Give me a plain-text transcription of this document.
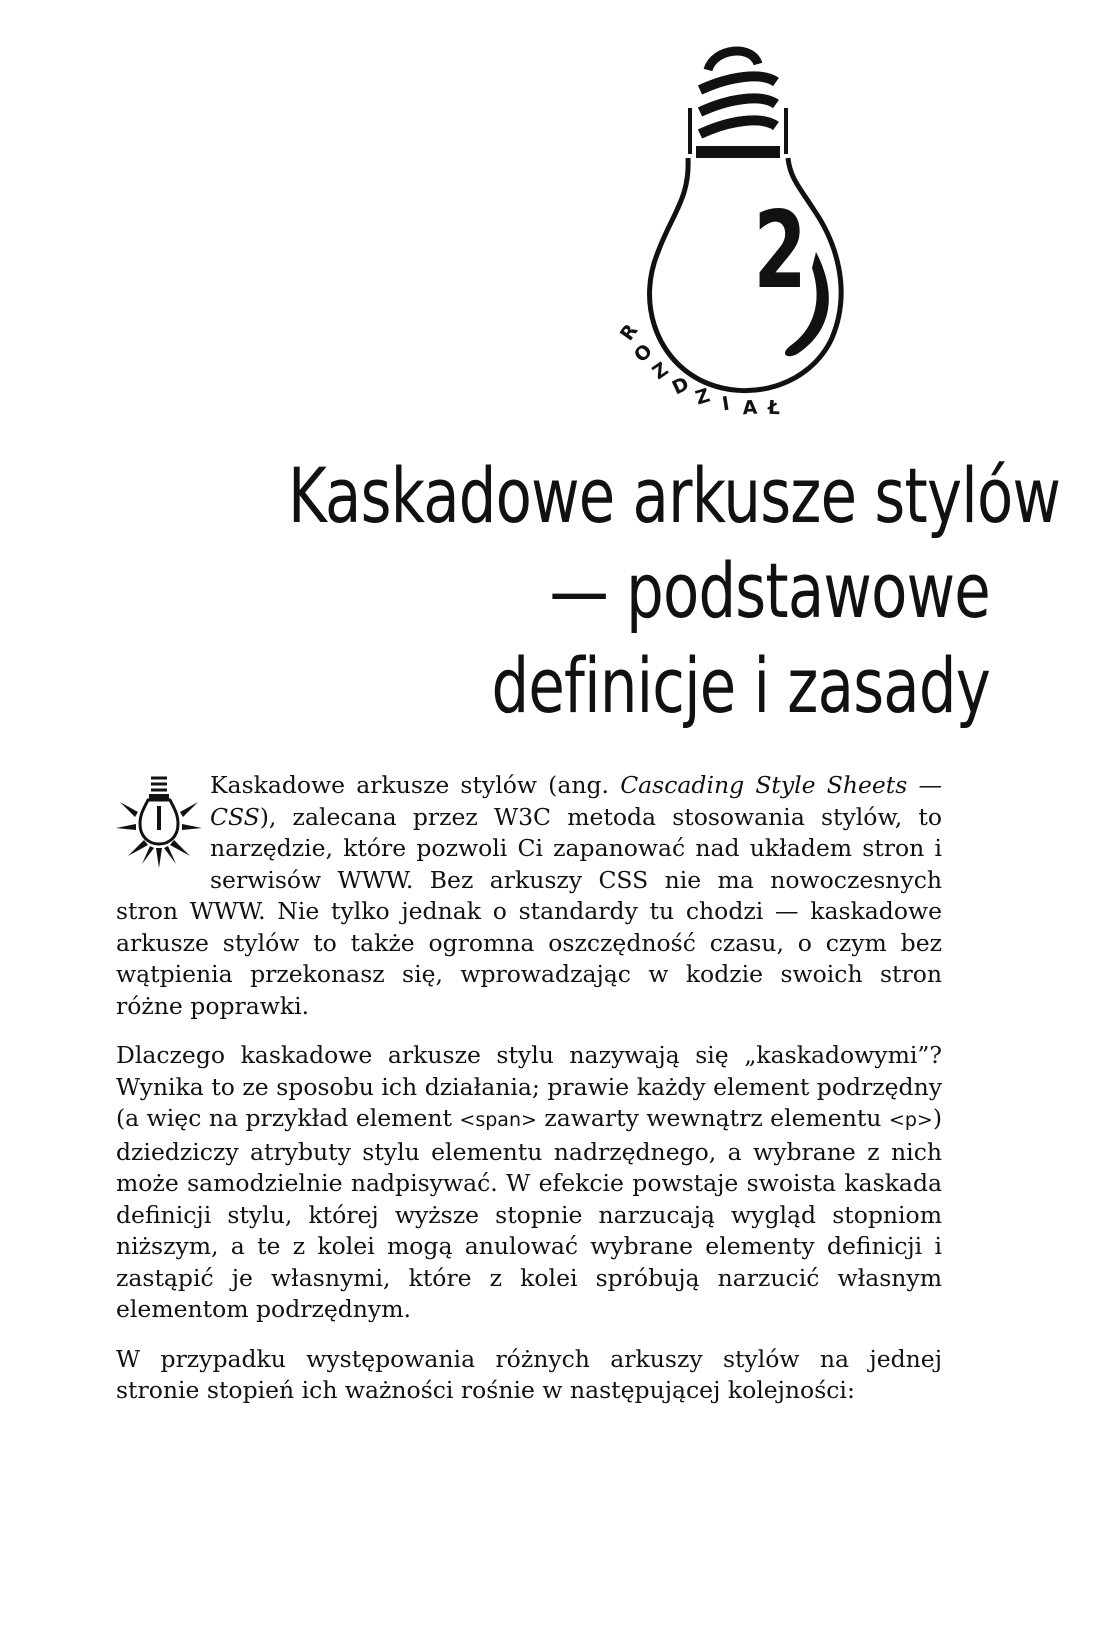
2
R
O
Z
D Z I A Ł
Kaskadowe arkusze stylów
— podstawowe
definicje i zasady

Kaskadowe arkusze stylów (ang. Cascading Style Sheets — CSS), zalecana przez W3C metoda stosowania stylów, to narzędzie, które pozwoli Ci zapanować nad układem stron i serwisów WWW. Bez arkuszy CSS nie ma nowoczesnych stron WWW. Nie tylko jednak o standardy tu chodzi — kaskadowe arkusze stylów to także ogromna oszczędność czasu, o czym bez wątpienia przekonasz się, wprowadzając w kodzie swoich stron różne poprawki.

Dlaczego kaskadowe arkusze stylu nazywają się „kaskadowymi”? Wynika to ze sposobu ich działania; prawie każdy element podrzędny (a więc na przykład element <span> zawarty wewnątrz elementu <p>) dziedziczy atrybuty stylu elementu nadrzędnego, a wybrane z nich może samodzielnie nadpisywać. W efekcie powstaje swoista kaskada definicji stylu, której wyższe stopnie narzucają wygląd stopniom niższym, a te z kolei mogą anulować wybrane elementy definicji i zastąpić je własnymi, które z kolei spróbują narzucić własnym elementom podrzędnym.

W przypadku występowania różnych arkuszy stylów na jednej stronie stopień ich ważności rośnie w następującej kolejności:
